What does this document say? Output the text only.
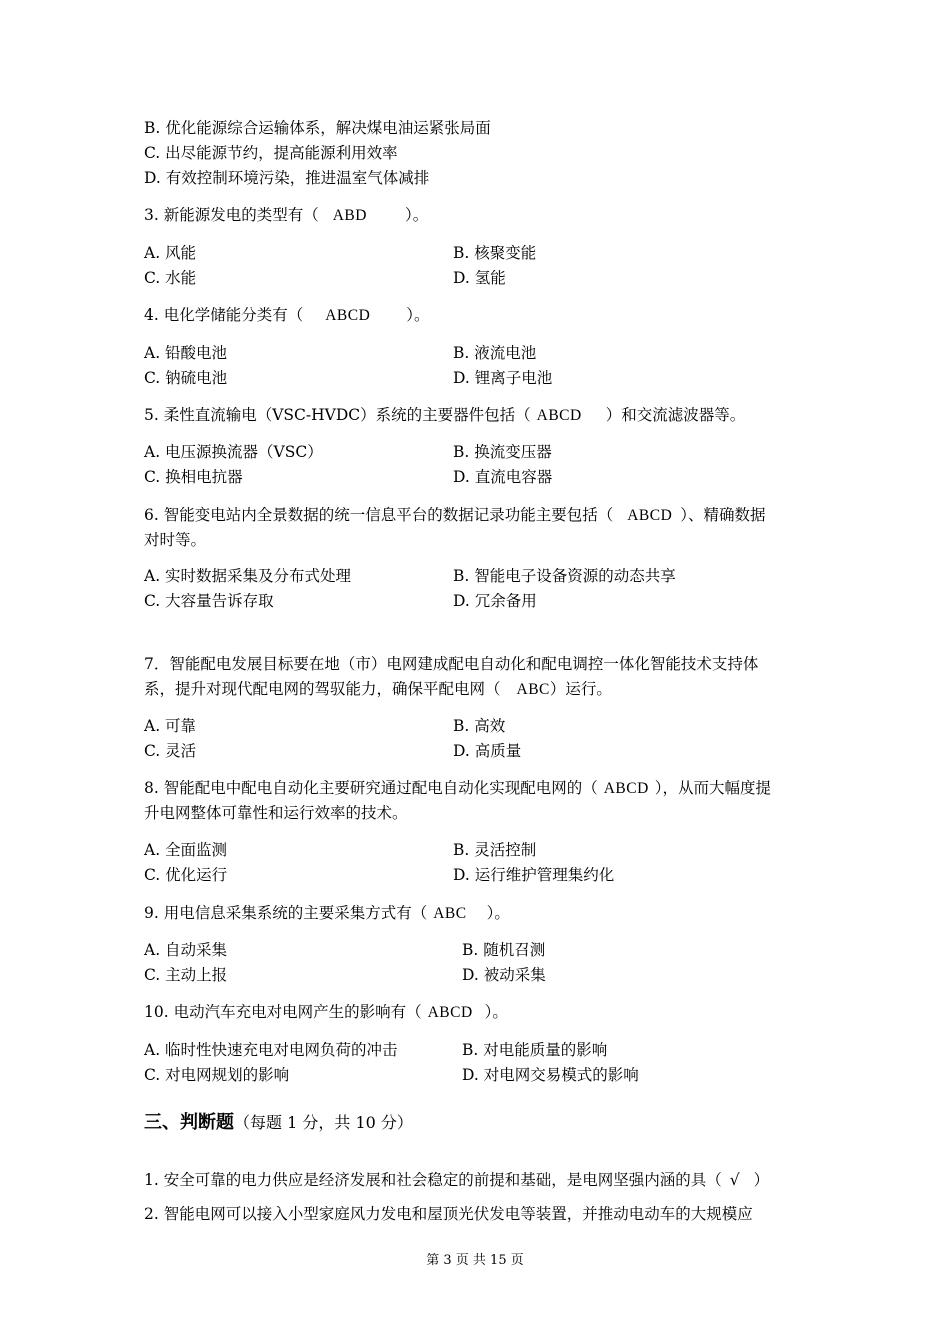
B. 优化能源综合运输体系，解决煤电油运紧张局面
C. 出尽能源节约，提高能源利用效率
D. 有效控制环境污染，推进温室气体减排
3. 新能源发电的类型有（ ABD ）。
A. 风能	B. 核聚变能
C. 水能	D. 氢能
4. 电化学储能分类有（ ABCD ）。
A. 铅酸电池	B. 液流电池
C. 钠硫电池	D. 锂离子电池
5. 柔性直流输电（VSC-HVDC）系统的主要器件包括（ ABCD ）和交流滤波器等。
A. 电压源换流器（VSC）	B. 换流变压器
C. 换相电抗器	D. 直流电容器
6. 智能变电站内全景数据的统一信息平台的数据记录功能主要包括（ ABCD ）、精确数据
对时等。
A. 实时数据采集及分布式处理	B. 智能电子设备资源的动态共享
C. 大容量告诉存取	D. 冗余备用
7．智能配电发展目标要在地（市）电网建成配电自动化和配电调控一体化智能技术支持体
系，提升对现代配电网的驾驭能力，确保平配电网（ ABC）运行。
A. 可靠	B. 高效
C. 灵活	D. 高质量
8. 智能配电中配电自动化主要研究通过配电自动化实现配电网的（ ABCD ），从而大幅度提
升电网整体可靠性和运行效率的技术。
A. 全面监测	B. 灵活控制
C. 优化运行	D. 运行维护管理集约化
9. 用电信息采集系统的主要采集方式有（ ABC ）。
A. 自动采集	B. 随机召测
C. 主动上报	D. 被动采集
10. 电动汽车充电对电网产生的影响有（ ABCD ）。
A. 临时性快速充电对电网负荷的冲击	B. 对电能质量的影响
C. 对电网规划的影响	D. 对电网交易模式的影响
三、判断题（每题 1 分，共 10 分）
1. 安全可靠的电力供应是经济发展和社会稳定的前提和基础，是电网坚强内涵的具（ √ ）
2. 智能电网可以接入小型家庭风力发电和屋顶光伏发电等装置，并推动电动车的大规模应
第 3 页 共 15 页
